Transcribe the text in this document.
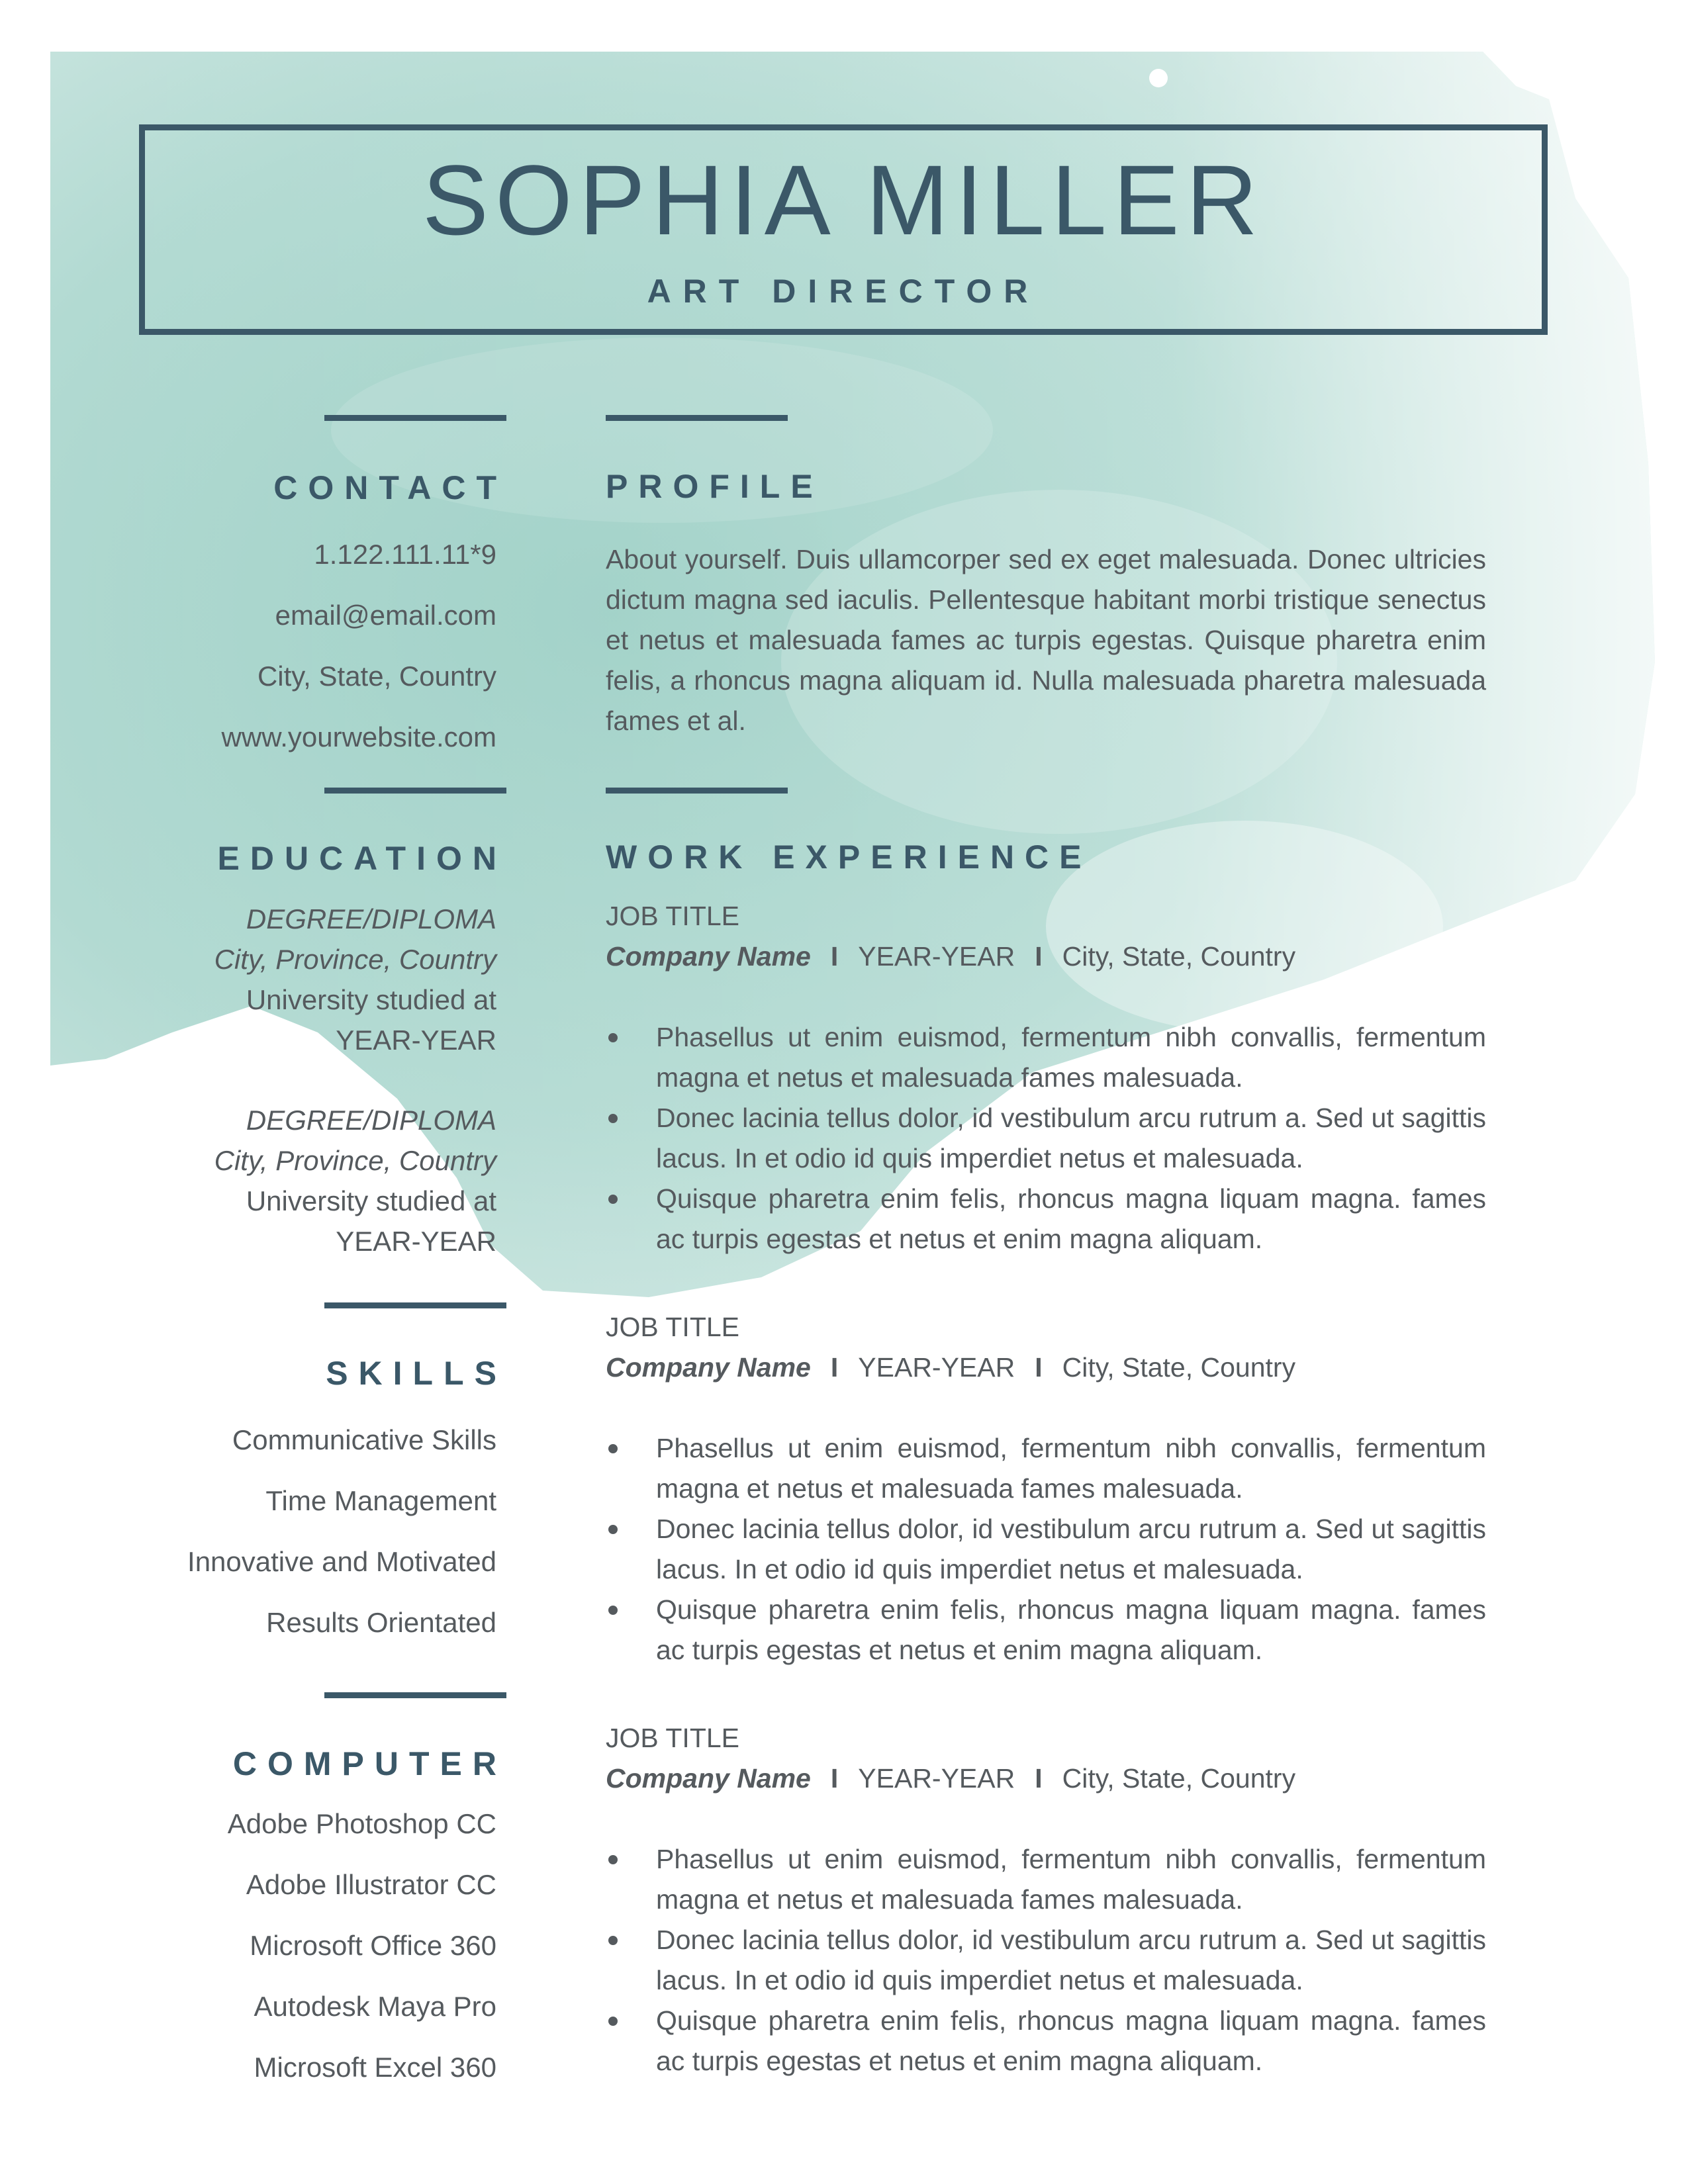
SOPHIA MILLER
ART DIRECTOR
CONTACT
1.122.111.11*9
email@email.com
City, State, Country
www.yourwebsite.com
EDUCATION
DEGREE/DIPLOMA
City, Province, Country
University studied at
YEAR-YEAR
DEGREE/DIPLOMA
City, Province, Country
University studied at
YEAR-YEAR
SKILLS
Communicative Skills
Time Management
Innovative and Motivated
Results Orientated
COMPUTER
Adobe Photoshop CC
Adobe Illustrator CC
Microsoft Office 360
Autodesk Maya Pro
Microsoft Excel 360
PROFILE
About yourself. Duis ullamcorper sed ex eget malesuada. Donec ultricies dictum magna sed iaculis. Pellentesque habitant morbi tristique senectus et netus et malesuada fames ac turpis egestas. Quisque pharetra enim felis, a rhoncus magna aliquam id. Nulla malesuada pharetra malesuada fames et al.
WORK EXPERIENCE
JOB TITLE
Company Name I YEAR-YEAR I City, State, Country
Phasellus ut enim euismod, fermentum nibh convallis, fermentum magna et netus et malesuada fames malesuada.
Donec lacinia tellus dolor, id vestibulum arcu rutrum a. Sed ut sagittis lacus. In et odio id quis imperdiet netus et malesuada.
Quisque pharetra enim felis, rhoncus magna liquam magna. fames ac turpis egestas et netus et enim magna aliquam.
JOB TITLE
Company Name I YEAR-YEAR I City, State, Country
Phasellus ut enim euismod, fermentum nibh convallis, fermentum magna et netus et malesuada fames malesuada.
Donec lacinia tellus dolor, id vestibulum arcu rutrum a. Sed ut sagittis lacus. In et odio id quis imperdiet netus et malesuada.
Quisque pharetra enim felis, rhoncus magna liquam magna. fames ac turpis egestas et netus et enim magna aliquam.
JOB TITLE
Company Name I YEAR-YEAR I City, State, Country
Phasellus ut enim euismod, fermentum nibh convallis, fermentum magna et netus et malesuada fames malesuada.
Donec lacinia tellus dolor, id vestibulum arcu rutrum a. Sed ut sagittis lacus. In et odio id quis imperdiet netus et malesuada.
Quisque pharetra enim felis, rhoncus magna liquam magna. fames ac turpis egestas et netus et enim magna aliquam.
